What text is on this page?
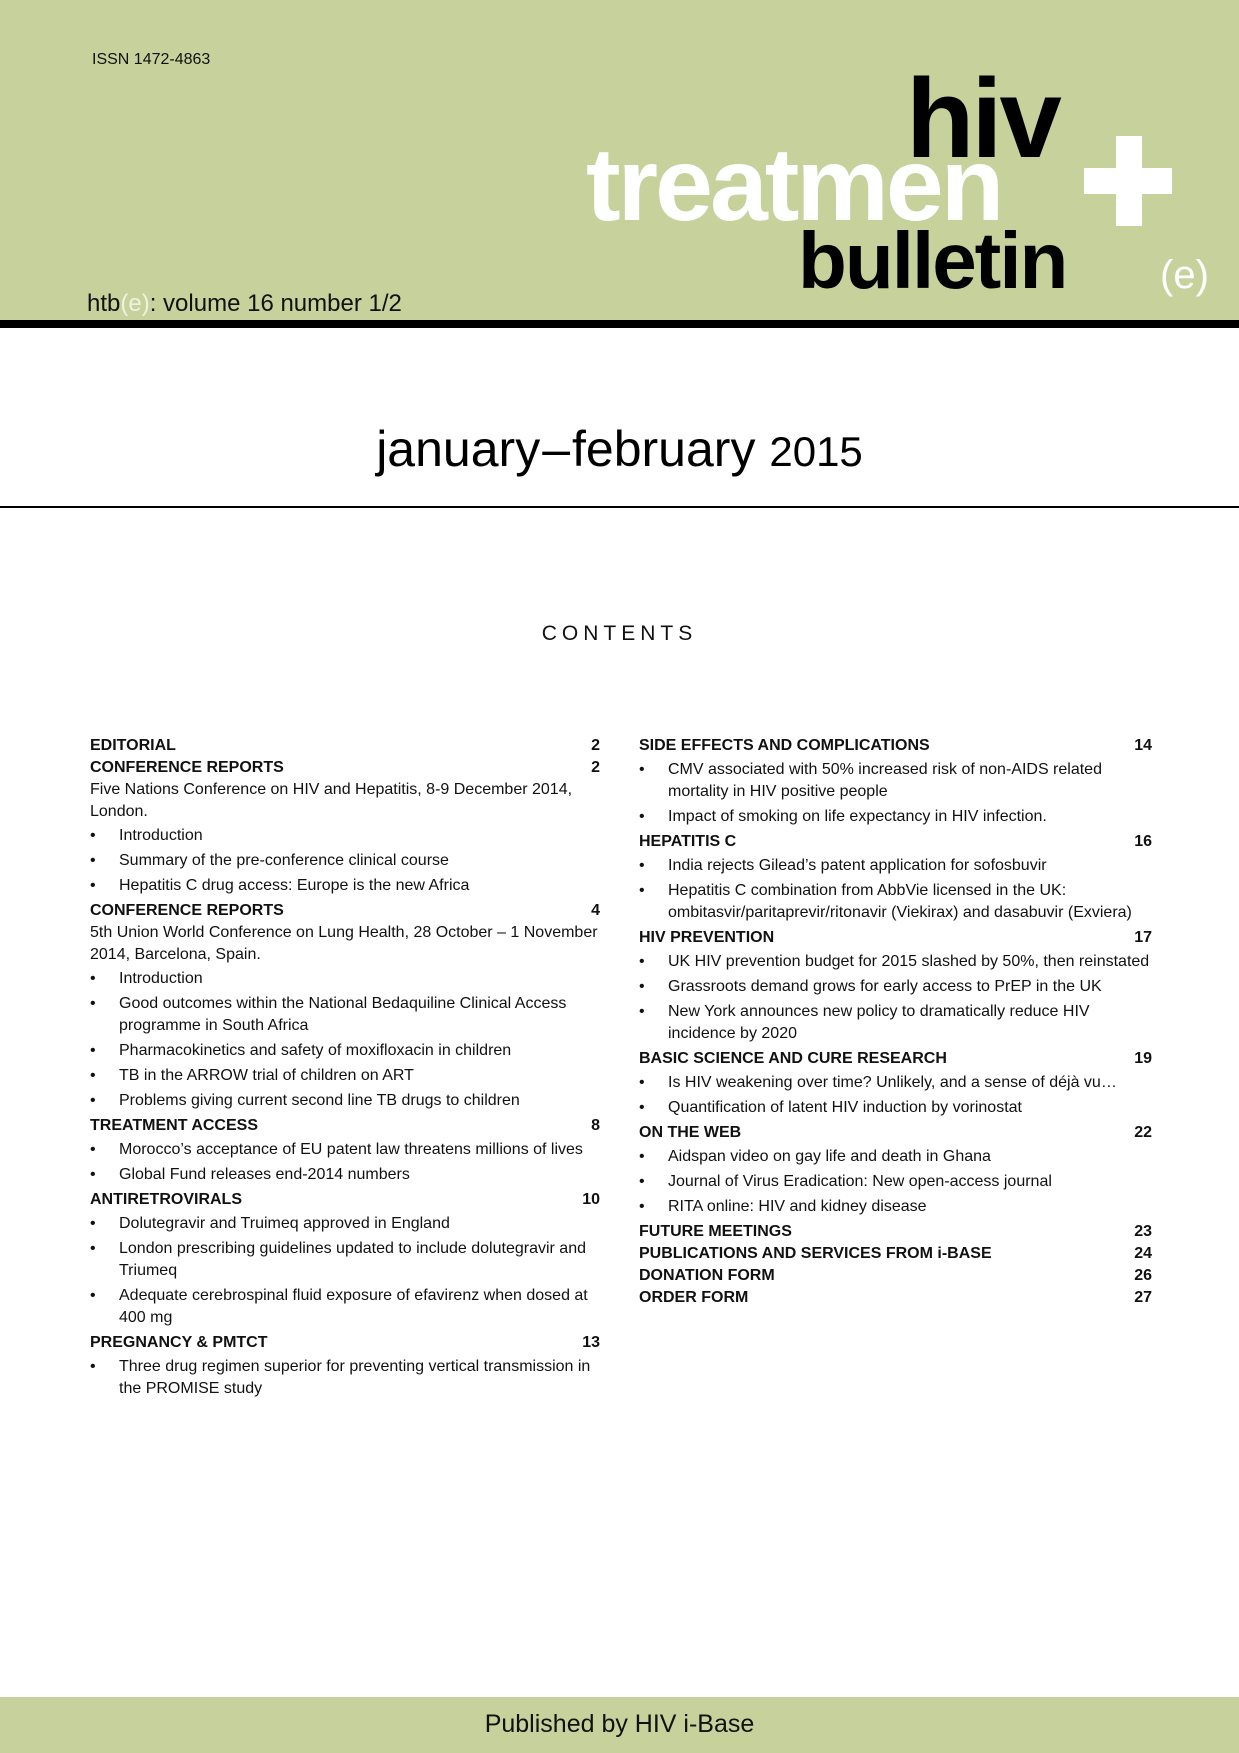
ISSN 1472-4863
htb(e): volume 16 number 1/2
hiv
treatmen
bulletin (e)
january–february 2015
CONTENTS
EDITORIAL	2
CONFERENCE REPORTS	2
Five Nations Conference on HIV and Hepatitis, 8-9 December 2014, London.
• Introduction
• Summary of the pre-conference clinical course
• Hepatitis C drug access: Europe is the new Africa
CONFERENCE REPORTS	4
5th Union World Conference on Lung Health, 28 October – 1 November 2014, Barcelona, Spain.
• Introduction
• Good outcomes within the National Bedaquiline Clinical Access programme in South Africa
• Pharmacokinetics and safety of moxifloxacin in children
• TB in the ARROW trial of children on ART
• Problems giving current second line TB drugs to children
TREATMENT ACCESS	8
• Morocco’s acceptance of EU patent law threatens millions of lives
• Global Fund releases end-2014 numbers
ANTIRETROVIRALS	10
• Dolutegravir and Truimeq approved in England
• London prescribing guidelines updated to include dolutegravir and Triumeq
• Adequate cerebrospinal fluid exposure of efavirenz when dosed at 400 mg
PREGNANCY & PMTCT	13
• Three drug regimen superior for preventing vertical transmission in the PROMISE study
SIDE EFFECTS AND COMPLICATIONS	14
• CMV associated with 50% increased risk of non-AIDS related mortality in HIV positive people
• Impact of smoking on life expectancy in HIV infection.
HEPATITIS C	16
• India rejects Gilead’s patent application for sofosbuvir
• Hepatitis C combination from AbbVie licensed in the UK: ombitasvir/paritaprevir/ritonavir (Viekirax) and dasabuvir (Exviera)
HIV PREVENTION	17
• UK HIV prevention budget for 2015 slashed by 50%, then reinstated
• Grassroots demand grows for early access to PrEP in the UK
• New York announces new policy to dramatically reduce HIV incidence by 2020
BASIC SCIENCE AND CURE RESEARCH	19
• Is HIV weakening over time? Unlikely, and a sense of déjà vu…
• Quantification of latent HIV induction by vorinostat
ON THE WEB	22
• Aidspan video on gay life and death in Ghana
• Journal of Virus Eradication: New open-access journal
• RITA online: HIV and kidney disease
FUTURE MEETINGS	23
PUBLICATIONS AND SERVICES FROM i-BASE	24
DONATION FORM	26
ORDER FORM	27
Published by HIV i-Base
